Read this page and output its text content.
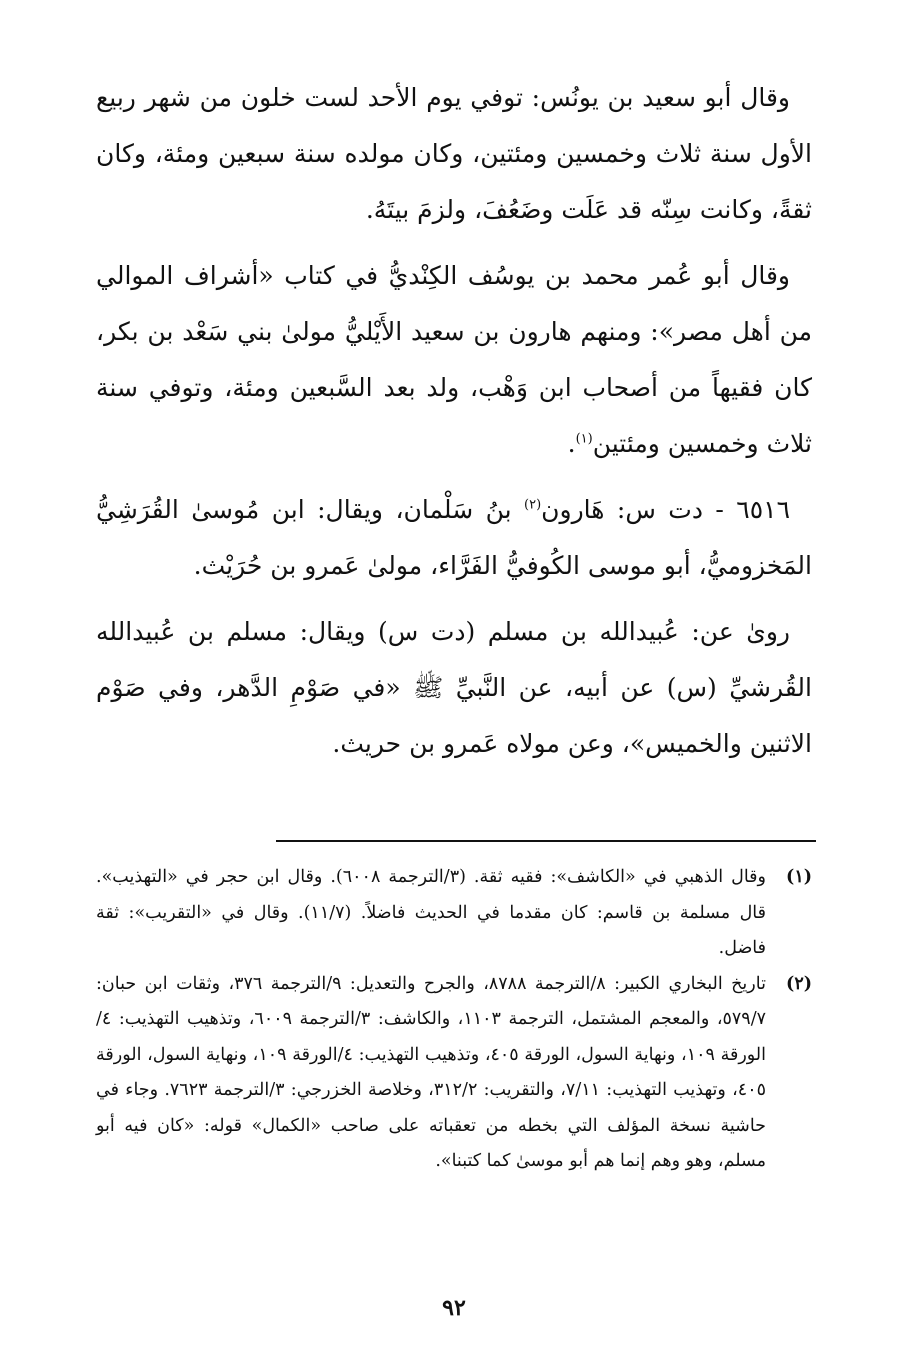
وقال أبو سعيد بن يونُس: توفي يوم الأحد لست خلون من شهر ربيع الأول سنة ثلاث وخمسين ومئتين، وكان مولده سنة سبعين ومئة، وكان ثقةً، وكانت سِنّه قد عَلَت وضَعُفَ، ولزمَ بيتَهُ.

وقال أبو عُمر محمد بن يوسُف الكِنْديُّ في كتاب «أشراف الموالي من أهل مصر»: ومنهم هارون بن سعيد الأَيْليُّ مولىٰ بني سَعْد بن بكر، كان فقيهاً من أصحاب ابن وَهْب، ولد بعد السَّبعين ومئة، وتوفي سنة ثلاث وخمسين ومئتين$^{(١)}$.

٦٥١٦ - دت س: هَارون$^{(٢)}$ بنُ سَلْمان، ويقال: ابن مُوسىٰ القُرَشِيُّ المَخزوميُّ، أبو موسى الكُوفيُّ الفَرَّاء، مولىٰ عَمرو بن حُرَيْث.

روىٰ عن: عُبيدالله بن مسلم (دت س) ويقال: مسلم بن عُبيدالله القُرشيِّ (س) عن أبيه، عن النَّبيِّ ﷺ «في صَوْمِ الدَّهر، وفي صَوْم الاثنين والخميس»، وعن مولاه عَمرو بن حريث.

(١)
وقال الذهبي في «الكاشف»: فقيه ثقة. (٣/الترجمة ٦٠٠٨). وقال ابن حجر في «التهذيب». قال مسلمة بن قاسم: كان مقدما في الحديث فاضلاً. (١١/٧). وقال في «التقريب»: ثقة فاضل.
(٢)
تاريخ البخاري الكبير: ٨/الترجمة ٨٧٨٨، والجرح والتعديل: ٩/الترجمة ٣٧٦، وثقات ابن حبان: ٥٧٩/٧، والمعجم المشتمل، الترجمة ١١٠٣، والكاشف: ٣/الترجمة ٦٠٠٩، وتذهيب التهذيب: ٤/الورقة ١٠٩، ونهاية السول، الورقة ٤٠٥، وتذهيب التهذيب: ٤/الورقة ١٠٩، ونهاية السول، الورقة ٤٠٥، وتهذيب التهذيب: ٧/١١، والتقريب: ٣١٢/٢، وخلاصة الخزرجي: ٣/الترجمة ٧٦٢٣. وجاء في حاشية نسخة المؤلف التي بخطه من تعقباته على صاحب «الكمال» قوله: «كان فيه أبو مسلم، وهو وهم إنما هم أبو موسىٰ كما كتبنا».
٩٢
